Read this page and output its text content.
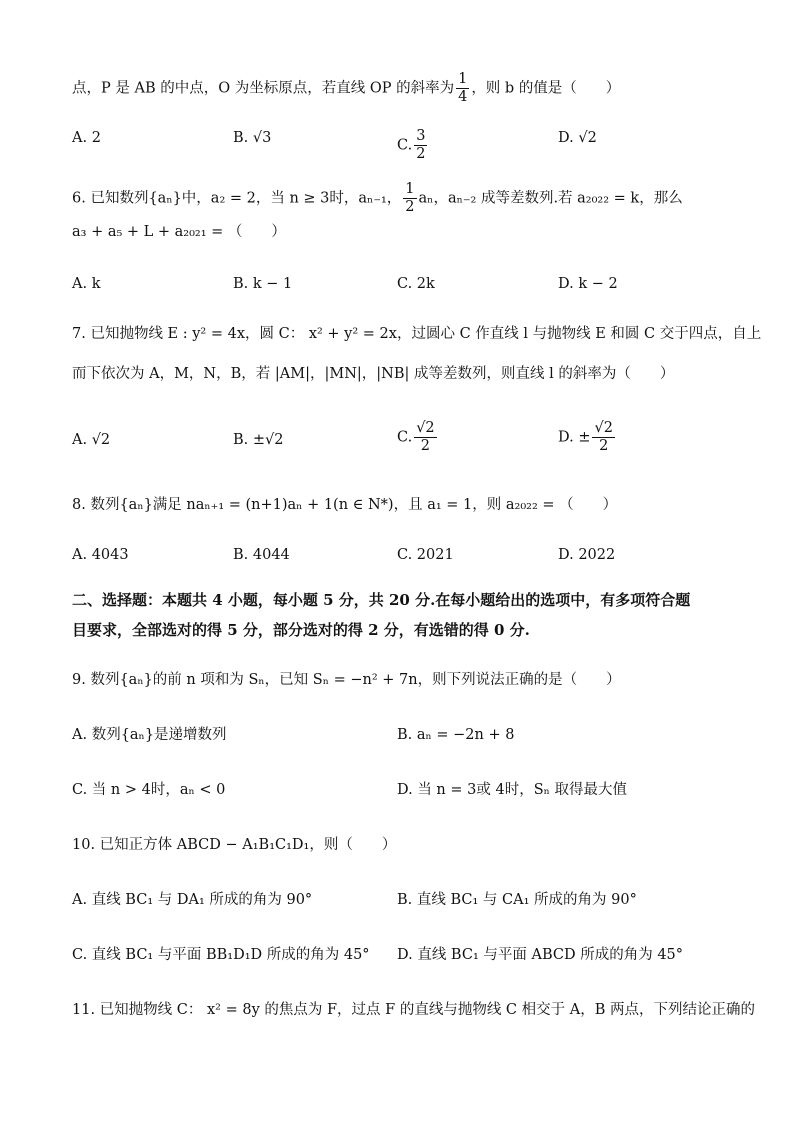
点，P 是 AB 的中点，O 为坐标原点，若直线 OP 的斜率为 $\frac{1}{4}$ ，则 b 的值是（　　）
A. 2	B. √3	C. $\frac{3}{2}$	D. √2
6. 已知数列{aₙ}中，a₂ = 2，当 n ≥ 3时，aₙ₋₁， $\frac{1}{2}$ aₙ，aₙ₋₂ 成等差数列.若 a₂₀₂₂ = k，那么
a₃ + a₅ + L + a₂₀₂₁ = （　　）
A. k	B. k − 1	C. 2k	D. k − 2
7. 已知抛物线 E : y² = 4x，圆 C： x² + y² = 2x，过圆心 C 作直线 l 与抛物线 E 和圆 C 交于四点，自上
而下依次为 A，M，N，B，若 |AM|，|MN|，|NB| 成等差数列，则直线 l 的斜率为（　　）
A. √2	B. ±√2	C. $\frac{√2}{2}$	D. ± $\frac{√2}{2}$
8. 数列{aₙ}满足 naₙ₊₁ = (n+1)aₙ + 1(n ∈ N*)，且 a₁ = 1，则 a₂₀₂₂ = （　　）
A. 4043	B. 4044	C. 2021	D. 2022
二、选择题：本题共 4 小题，每小题 5 分，共 20 分.在每小题给出的选项中，有多项符合题
目要求，全部选对的得 5 分，部分选对的得 2 分，有选错的得 0 分.
9. 数列{aₙ}的前 n 项和为 Sₙ，已知 Sₙ = −n² + 7n，则下列说法正确的是（　　）
A. 数列{aₙ}是递增数列	B. aₙ = −2n + 8
C. 当 n > 4时，aₙ < 0	D. 当 n = 3或 4时，Sₙ 取得最大值
10. 已知正方体 ABCD − A₁B₁C₁D₁，则（　　）
A. 直线 BC₁ 与 DA₁ 所成的角为 90°	B. 直线 BC₁ 与 CA₁ 所成的角为 90°
C. 直线 BC₁ 与平面 BB₁D₁D 所成的角为 45° D. 直线 BC₁ 与平面 ABCD 所成的角为 45°
11. 已知抛物线 C： x² = 8y 的焦点为 F，过点 F 的直线与抛物线 C 相交于 A，B 两点，下列结论正确的
